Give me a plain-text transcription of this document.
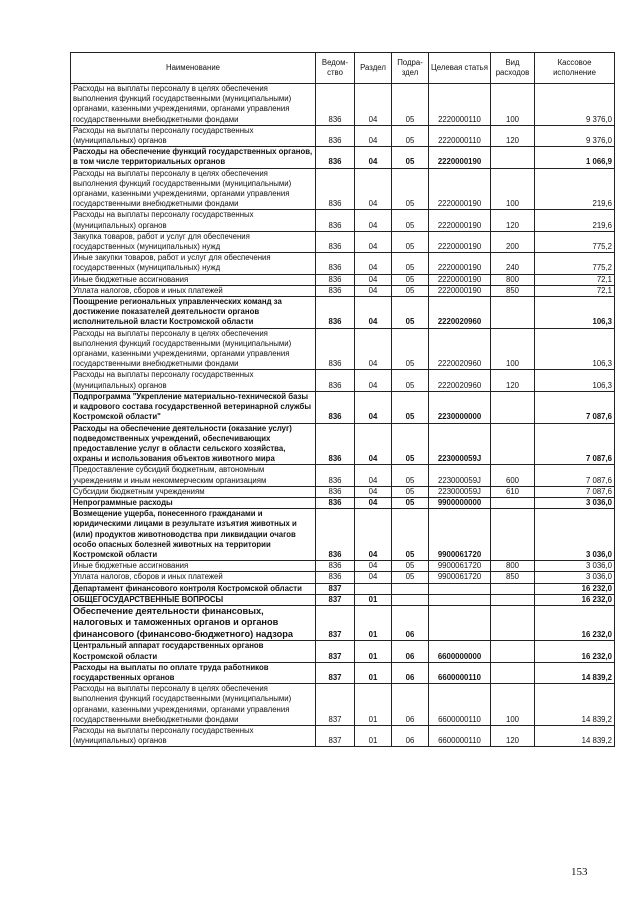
Наименование	Ведом-ство	Раздел	Подра-здел	Целевая статья	Вид расходов	Кассовое исполнение
Расходы на выплаты персоналу в целях обеспечения выполнения функций государственными (муниципальными) органами, казенными учреждениями, органами управления государственными внебюджетными фондами	836	04	05	2220000110	100	9 376,0
Расходы на выплаты персоналу государственных (муниципальных) органов	836	04	05	2220000110	120	9 376,0
Расходы на обеспечение функций государственных органов, в том числе территориальных органов	836	04	05	2220000190		1 066,9
Расходы на выплаты персоналу в целях обеспечения выполнения функций государственными (муниципальными) органами, казенными учреждениями, органами управления государственными внебюджетными фондами	836	04	05	2220000190	100	219,6
Расходы на выплаты персоналу государственных (муниципальных) органов	836	04	05	2220000190	120	219,6
Закупка товаров, работ и услуг для обеспечения государственных (муниципальных) нужд	836	04	05	2220000190	200	775,2
Иные закупки товаров, работ и услуг для обеспечения государственных (муниципальных) нужд	836	04	05	2220000190	240	775,2
Иные бюджетные ассигнования	836	04	05	2220000190	800	72,1
Уплата налогов, сборов и иных платежей	836	04	05	2220000190	850	72,1
Поощрение региональных управленческих команд за достижение показателей деятельности органов исполнительной власти Костромской области	836	04	05	2220020960		106,3
Расходы на выплаты персоналу в целях обеспечения выполнения функций государственными (муниципальными) органами, казенными учреждениями, органами управления государственными внебюджетными фондами	836	04	05	2220020960	100	106,3
Расходы на выплаты персоналу государственных (муниципальных) органов	836	04	05	2220020960	120	106,3
Подпрограмма "Укрепление материально-технической базы и кадрового состава государственной ветеринарной службы Костромской области"	836	04	05	2230000000		7 087,6
Расходы на обеспечение деятельности (оказание услуг) подведомственных учреждений, обеспечивающих предоставление услуг в области сельского хозяйства, охраны и использования объектов животного мира	836	04	05	223000059J		7 087,6
Предоставление субсидий бюджетным, автономным учреждениям и иным некоммерческим организациям	836	04	05	223000059J	600	7 087,6
Субсидии бюджетным учреждениям	836	04	05	223000059J	610	7 087,6
Непрограммные расходы	836	04	05	9900000000		3 036,0
Возмещение ущерба, понесенного гражданами и юридическими лицами в результате изъятия животных и (или) продуктов животноводства при ликвидации очагов особо опасных болезней животных на территории Костромской области	836	04	05	9900061720		3 036,0
Иные бюджетные ассигнования	836	04	05	9900061720	800	3 036,0
Уплата налогов, сборов и иных платежей	836	04	05	9900061720	850	3 036,0
Департамент финансового контроля Костромской области	837					16 232,0
ОБЩЕГОСУДАРСТВЕННЫЕ ВОПРОСЫ	837	01				16 232,0
Обеспечение деятельности финансовых, налоговых и таможенных органов и органов финансового (финансово-бюджетного) надзора	837	01	06			16 232,0
Центральный аппарат государственных органов Костромской области	837	01	06	6600000000		16 232,0
Расходы на выплаты по оплате труда работников государственных органов	837	01	06	6600000110		14 839,2
Расходы на выплаты персоналу в целях обеспечения выполнения функций государственными (муниципальными) органами, казенными учреждениями, органами управления государственными внебюджетными фондами	837	01	06	6600000110	100	14 839,2
Расходы на выплаты персоналу государственных (муниципальных) органов	837	01	06	6600000110	120	14 839,2
153
